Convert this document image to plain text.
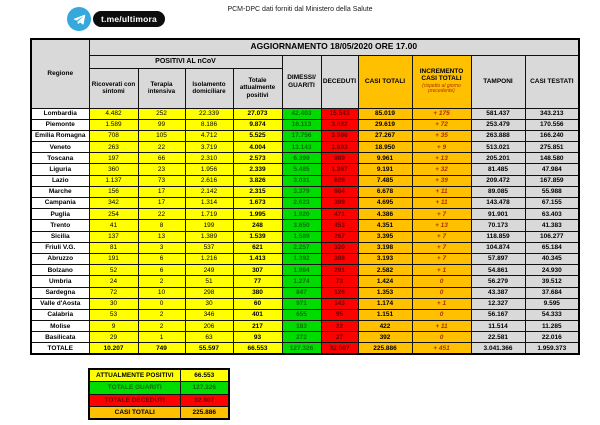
PCM-DPC dati forniti dal Ministero della Salute
t.me/ultimora
Regione	AGGIORNAMENTO 18/05/2020 ORE 17.00									
	POSITIVI AL nCoV				DIMESSI/ GUARITI	DECEDUTI	CASI TOTALI	INCREMENTO CASI TOTALI
(rispetto al giorno precedente)	TAMPONI	CASI TESTATI
	Ricoverati con sintomi	Terapia intensiva	Isolamento domiciliare	Totale attualmente positivi						
Lombardia	4.482	252	22.339	27.073	42.403	15.543	85.019	+ 175	581.437	343.213
Piemonte	1.589	99	8.186	9.874	16.113	3.632	29.619	+ 72	253.479	170.556
Emilia Romagna	708	105	4.712	5.525	17.756	3.986	27.267	+ 35	263.888	166.240
Veneto	263	22	3.719	4.004	13.143	1.803	18.950	+ 9	513.021	275.851
Toscana	197	66	2.310	2.573	6.399	989	9.961	+ 13	205.201	148.580
Liguria	360	23	1.956	2.339	5.485	1.367	9.191	+ 32	81.485	47.984
Lazio	1.137	73	2.616	3.826	3.031	628	7.485	+ 39	209.472	167.859
Marche	156	17	2.142	2.315	3.379	984	6.678	+ 11	89.085	55.988
Campania	342	17	1.314	1.673	2.623	399	4.695	+ 11	143.478	67.155
Puglia	254	22	1.719	1.995	1.920	471	4.386	+ 7	91.901	63.403
Trento	41	8	199	248	3.650	453	4.351	+ 13	70.173	41.383
Sicilia	137	13	1.389	1.539	1.589	267	3.395	+ 7	118.859	106.277
Friuli V.G.	81	3	537	621	2.257	320	3.198	+ 7	104.874	65.184
Abruzzo	191	6	1.216	1.413	1.392	388	3.193	+ 7	57.897	40.345
Bolzano	52	6	249	307	1.984	291	2.582	+ 1	54.861	24.930
Umbria	24	2	51	77	1.274	73	1.424	0	56.279	39.512
Sardegna	72	10	298	380	847	126	1.353	0	43.387	37.684
Valle d'Aosta	30	0	30	60	971	143	1.174	+ 1	12.327	9.595
Calabria	53	2	346	401	655	95	1.151	0	56.167	54.333
Molise	9	2	206	217	183	22	422	+ 11	11.514	11.285
Basilicata	29	1	63	93	272	27	392	0	22.581	22.016
TOTALE	10.207	749	55.597	66.553	127.326	32.007	225.886	+ 451	3.041.366	1.959.373
ATTUALMENTE POSITIVI	66.553
TOTALE GUARITI	127.326
TOTALE DECEDUTI	32.007
CASI TOTALI	225.886
